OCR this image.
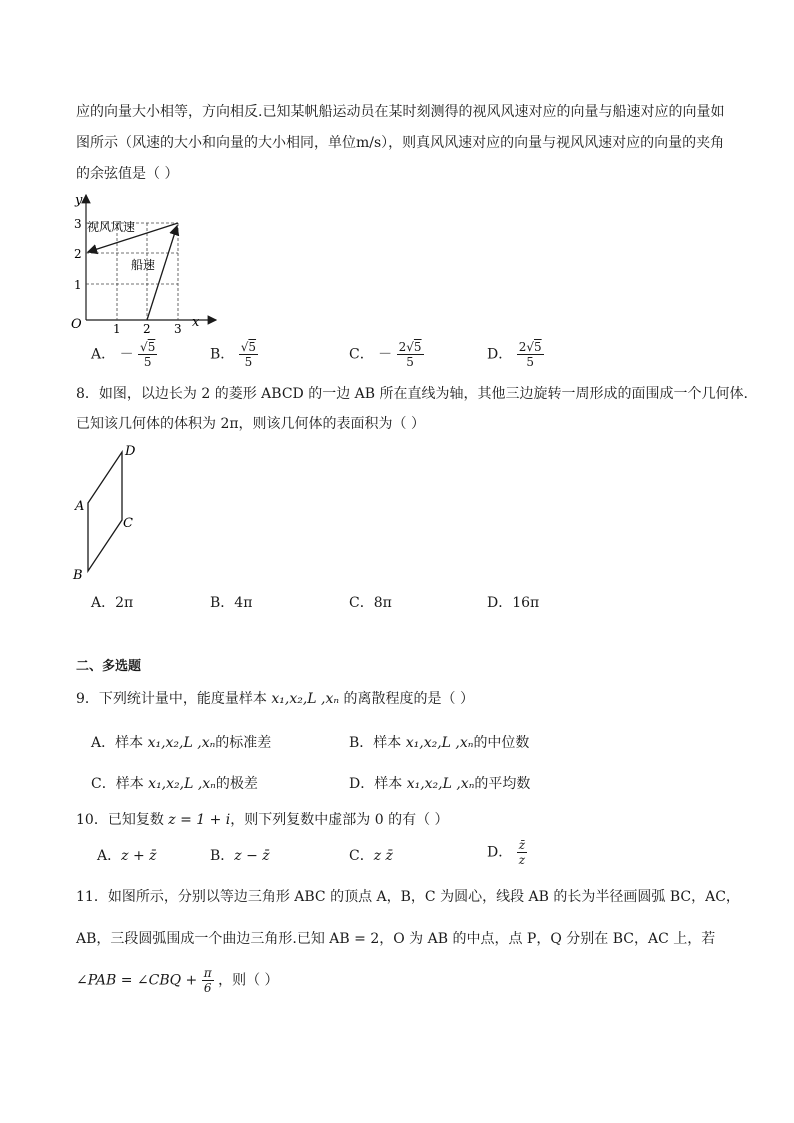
应的向量大小相等，方向相反.已知某帆船运动员在某时刻测得的视风风速对应的向量与船速对应的向量如
图所示（风速的大小和向量的大小相同，单位m/s），则真风风速对应的向量与视风风速对应的向量的夹角
的余弦值是（ ）
x
y
O	1 2 3
1
2
3 视风风速
船速
A． － $\frac{√5}{5}$	B． $\frac{√5}{5}$	C． － $\frac{2√5}{5}$	D． $\frac{2√5}{5}$
8．如图，以边长为 2 的菱形 ABCD 的一边 AB 所在直线为轴，其他三边旋转一周形成的面围成一个几何体.
已知该几何体的体积为 2π，则该几何体的表面积为（ ）
D
A
C
B
A．2π	B．4π	C．8π	D．16π
二、多选题
9．下列统计量中，能度量样本 x₁,x₂,L ,xₙ 的离散程度的是（ ）
A．样本 x₁,x₂,L ,xₙ的标准差	B．样本 x₁,x₂,L ,xₙ的中位数
C．样本 x₁,x₂,L ,xₙ的极差	D．样本 x₁,x₂,L ,xₙ的平均数
10．已知复数 z = 1 + i，则下列复数中虚部为 0 的有（ ）
A．z + z̄	B．z − z̄	C．z z̄	D． $\frac{z̄}{z}$
11．如图所示，分别以等边三角形 ABC 的顶点 A，B，C 为圆心，线段 AB 的长为半径画圆弧 BC，AC，
AB，三段圆弧围成一个曲边三角形.已知 AB = 2，O 为 AB 的中点，点 P，Q 分别在 BC，AC 上，若
∠PAB = ∠CBQ + $\frac{\pi}{6}$ ，则（ ）
